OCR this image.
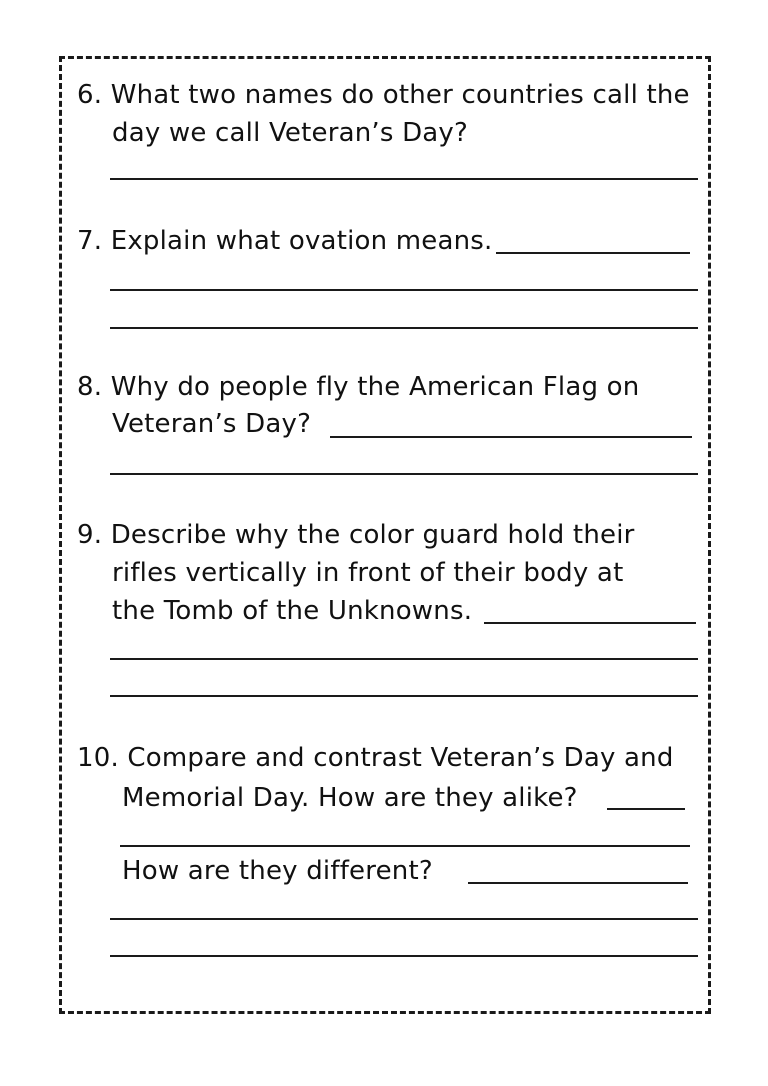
6. What two names do other countries call the
day we call Veteran’s Day?
7. Explain what ovation means.
8. Why do people fly the American Flag on
Veteran’s Day?
9. Describe why the color guard hold their
rifles vertically in front of their body at
the Tomb of the Unknowns.
10. Compare and contrast Veteran’s Day and
Memorial Day. How are they alike?
How are they different?
